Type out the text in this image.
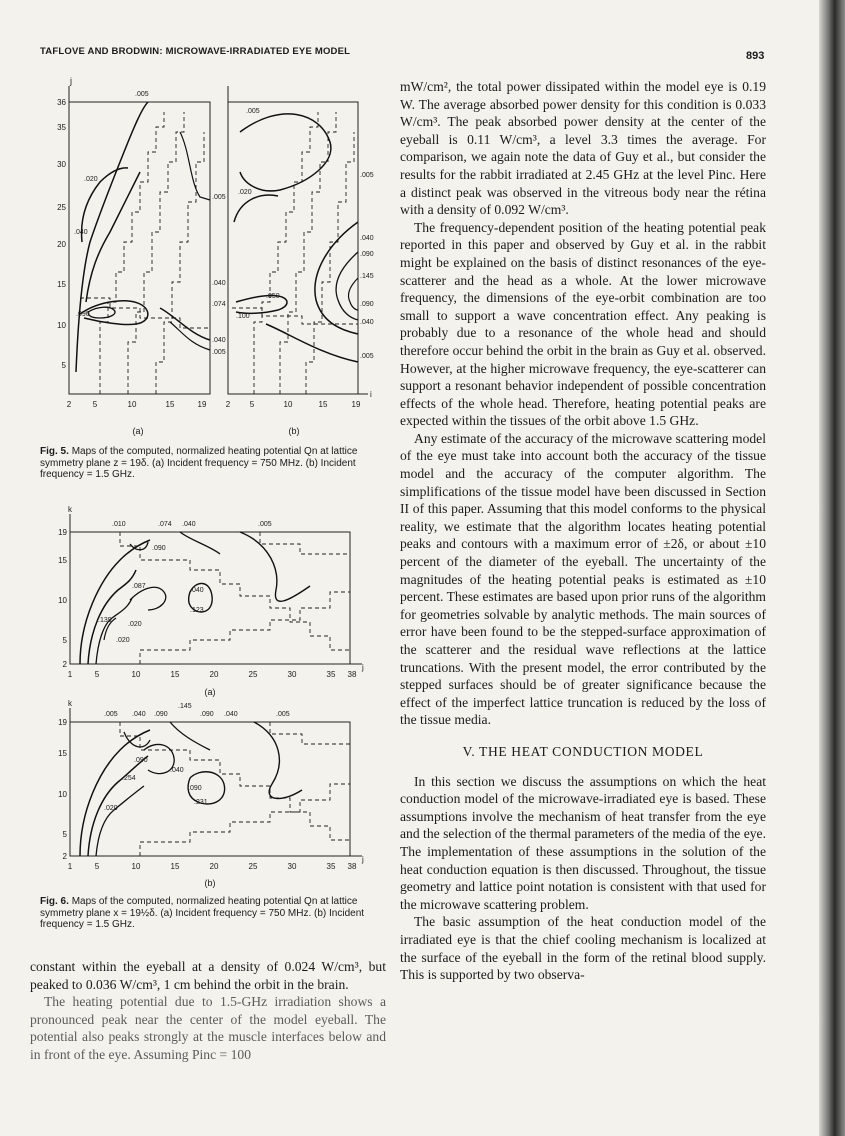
TAFLOVE AND BRODWIN: MICROWAVE-IRRADIATED EYE MODEL	893
j
36
35
30
25
20
15
10
5
2	5	10	15	19
.005
.020
.040
.090
.005
.040
.074
.040
.005
(a)
i
2 5	10	15	19
.005
.020
.005
.040
.090
.145
.090
.040
.005
.050
.100
(b)
Fig. 5. Maps of the computed, normalized heating potential Qn at lattice symmetry plane z = 19δ. (a) Incident frequency = 750 MHz. (b) Incident frequency = 1.5 GHz.
k
j
19
15
10
5
2
1	5	10	15	20	25	30	35 38
.010	.074 .040	.005
.090
.087
.040
.123
.139
.020
.020
(a)
k
j
19
15
10
5
2
1	5	10	15	20	25	30	35 38
.005 .040 .090
.145
.090 .040	.005
.090
.040
.254
.090
.231
.020
(b)
Fig. 6. Maps of the computed, normalized heating potential Qn at lattice symmetry plane x = 19½δ. (a) Incident frequency = 750 MHz. (b) Incident frequency = 1.5 GHz.

constant within the eyeball at a density of 0.024 W/cm³, but peaked to 0.036 W/cm³, 1 cm behind the orbit in the brain.

The heating potential due to 1.5-GHz irradiation shows a pronounced peak near the center of the model eyeball. The potential also peaks strongly at the muscle interfaces below and in front of the eye. Assuming Pinc = 100

mW/cm², the total power dissipated within the model eye is 0.19 W. The average absorbed power density for this condition is 0.033 W/cm³. The peak absorbed power density at the center of the eyeball is 0.11 W/cm³, a level 3.3 times the average. For comparison, we again note the data of Guy et al., but consider the results for the rabbit irradiated at 2.45 GHz at the level Pinc. Here a distinct peak was observed in the vitreous body near the rétina with a density of 0.092 W/cm³.

The frequency-dependent position of the heating potential peak reported in this paper and observed by Guy et al. in the rabbit might be explained on the basis of distinct resonances of the eye-scatterer and the head as a whole. At the lower microwave frequency, the dimensions of the eye-orbit combination are too small to support a wave concentration effect. Any peaking is probably due to a resonance of the whole head and should therefore occur behind the orbit in the brain as Guy et al. observed. However, at the higher microwave frequency, the eye-scatterer can support a resonant behavior independent of possible concentration effects of the whole head. Therefore, heating potential peaks are expected within the tissues of the orbit above 1.5 GHz.

Any estimate of the accuracy of the microwave scattering model of the eye must take into account both the accuracy of the tissue model and the accuracy of the computer algorithm. The simplifications of the tissue model have been discussed in Section II of this paper. Assuming that this model conforms to the physical reality, we estimate that the algorithm locates heating potential peaks and contours with a maximum error of ±2δ, or about ±10 percent of the diameter of the eyeball. The uncertainty of the magnitudes of the heating potential peaks is estimated as ±10 percent. These estimates are based upon prior runs of the algorithm for geometries solvable by analytic methods. The main sources of error have been found to be the stepped-surface approximation of the scatterer and the residual wave reflections at the lattice truncations. With the present model, the error contributed by the stepped surfaces should be of greater significance because the effect of the imperfect lattice truncation is reduced by the loss of the tissue media.

V. THE HEAT CONDUCTION MODEL

In this section we discuss the assumptions on which the heat conduction model of the microwave-irradiated eye is based. These assumptions involve the mechanism of heat transfer from the eye and the selection of the thermal parameters of the media of the eye. The implementation of these assumptions in the solution of the heat conduction equation is then discussed. Throughout, the tissue geometry and lattice point notation is consistent with that used for the microwave scattering problem.

The basic assumption of the heat conduction model of the irradiated eye is that the chief cooling mechanism is localized at the surface of the eyeball in the form of the retinal blood supply. This is supported by two observa-
